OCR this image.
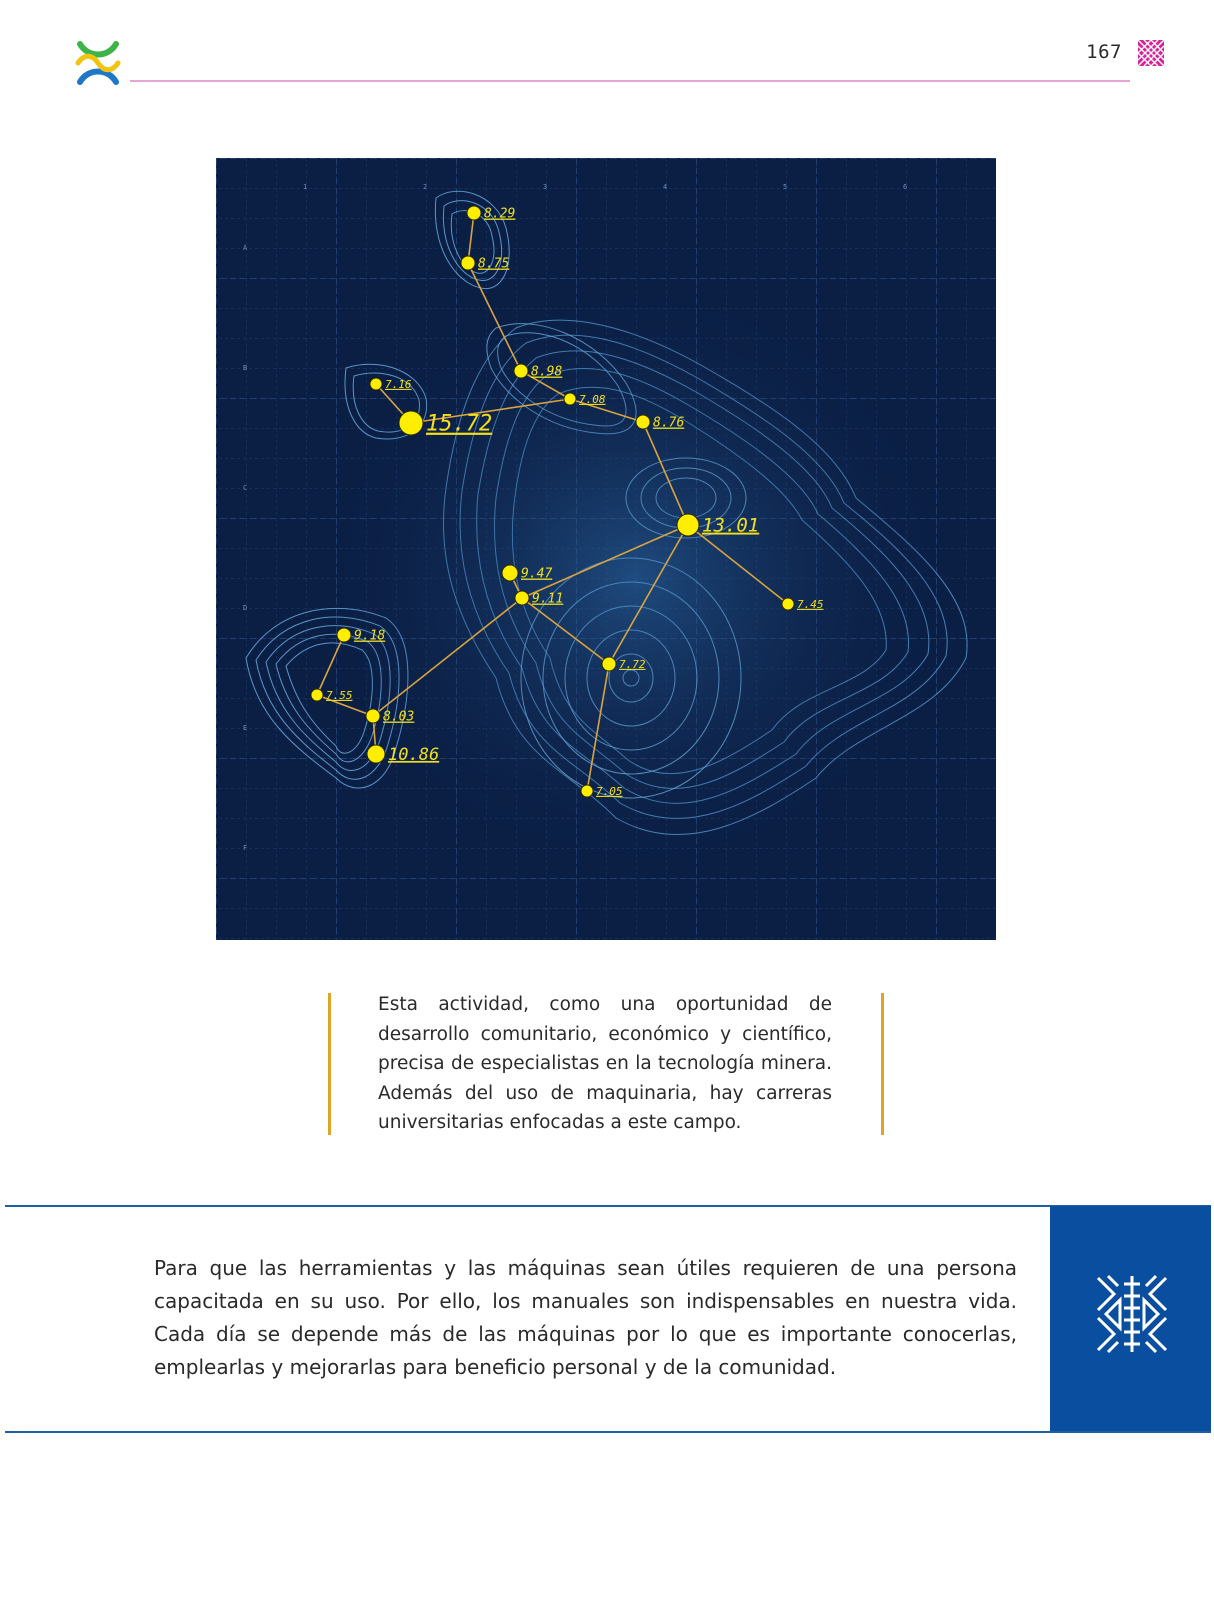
167
1	2	3	4	5	6
A
B
C
D
E
F
8.29
8.75
8.98
7.16
15.72
7.08
8.76
13.01
9.47
9.11	7.45
9.18
7.55
8.03
10.86
7.72
7.05

Esta actividad, como una oportunidad de desarrollo comunitario, económico y científico, precisa de especialistas en la tecnología minera. Además del uso de maquinaria, hay carreras universitarias enfocadas a este campo.

Para que las herramientas y las máquinas sean útiles requieren de una persona capacitada en su uso. Por ello, los manuales son indispensables en nuestra vida. Cada día se depende más de las máquinas por lo que es importante conocerlas, emplearlas y mejorarlas para beneficio personal y de la comunidad.
